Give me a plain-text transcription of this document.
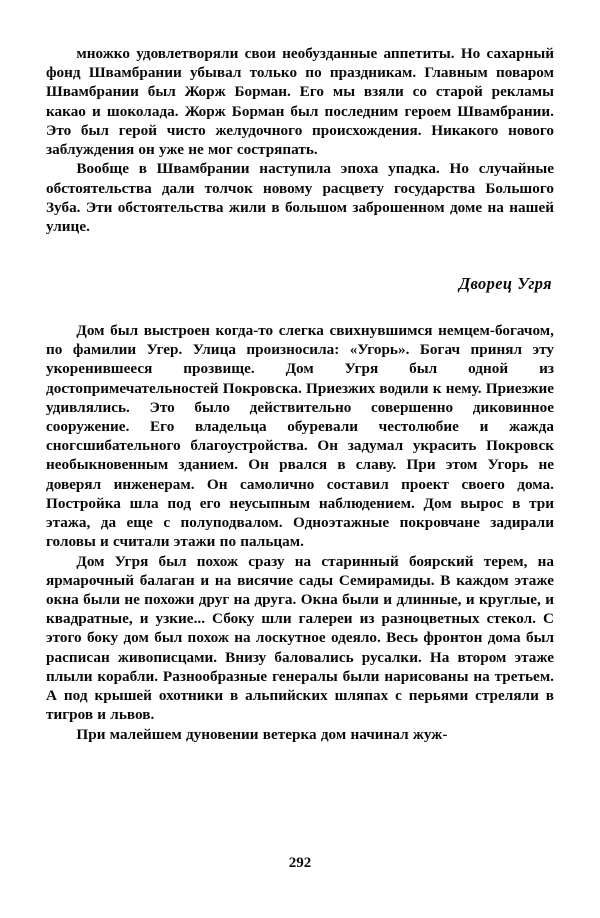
множко удовлетворяли свои необузданные аппетиты. Но сахарный фонд Швамбрании убывал только по праздникам. Главным поваром Швамбрании был Жорж Борман. Его мы взяли со старой рекламы какао и шоколада. Жорж Борман был последним героем Швамбрании. Это был герой чисто желудочного происхождения. Никакого нового заблуждения он уже не мог состряпать.

Вообще в Швамбрании наступила эпоха упадка. Но случайные обстоятельства дали толчок новому расцвету государства Большого Зуба. Эти обстоятельства жили в большом заброшенном доме на нашей улице.

Дворец Угря

Дом был выстроен когда-то слегка свихнувшимся немцем-богачом, по фамилии Угер. Улица произносила: «Угорь». Богач принял эту укоренившееся прозвище. Дом Угря был одной из достопримечательностей Покровска. Приезжих водили к нему. Приезжие удивлялись. Это было действительно совершенно диковинное сооружение. Его владельца обуревали честолюбие и жажда сногсшибательного благоустройства. Он задумал украсить Покровск необыкновенным зданием. Он рвался в славу. При этом Угорь не доверял инженерам. Он самолично составил проект своего дома. Постройка шла под его неусыпным наблюдением. Дом вырос в три этажа, да еще с полуподвалом. Одноэтажные покровчане задирали головы и считали этажи по пальцам.

Дом Угря был похож сразу на старинный боярский терем, на ярмарочный балаган и на висячие сады Семирамиды. В каждом этаже окна были не похожи друг на друга. Окна были и длинные, и круглые, и квадратные, и узкие... Сбоку шли галереи из разноцветных стекол. С этого боку дом был похож на лоскутное одеяло. Весь фронтон дома был расписан живописцами. Внизу баловались русалки. На втором этаже плыли корабли. Разнообразные генералы были нарисованы на третьем. А под крышей охотники в альпийских шляпах с перьями стреляли в тигров и львов.

При малейшем дуновении ветерка дом начинал жуж-

292
